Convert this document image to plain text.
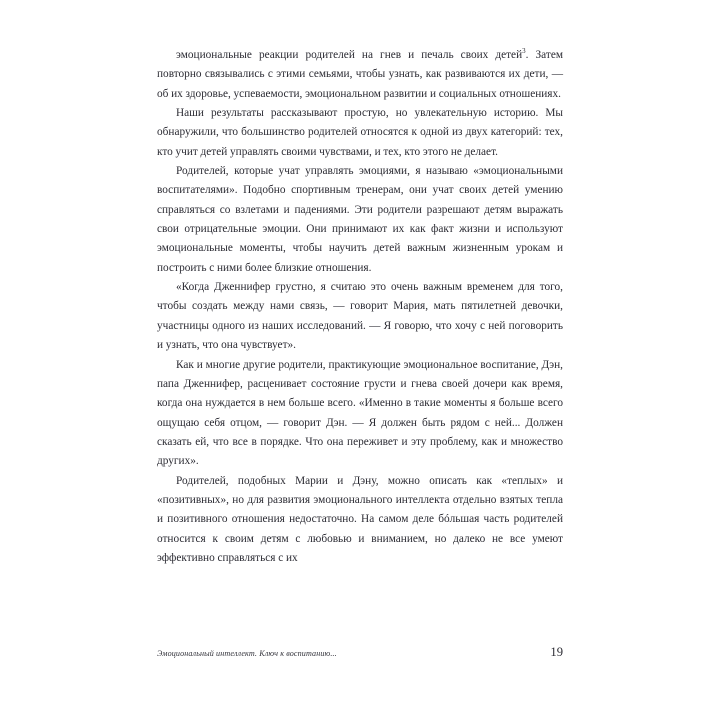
эмоциональные реакции родителей на гнев и печаль своих детей$^3$. Затем повторно связывались с этими семьями, чтобы узнать, как развиваются их дети, — об их здоровье, успеваемости, эмоциональном развитии и социальных отношениях.

Наши результаты рассказывают простую, но увлекательную историю. Мы обнаружили, что большинство родителей относятся к одной из двух категорий: тех, кто учит детей управлять своими чувствами, и тех, кто этого не делает.

Родителей, которые учат управлять эмоциями, я называю «эмоциональными воспитателями». Подобно спортивным тренерам, они учат своих детей умению справляться со взлетами и падениями. Эти родители разрешают детям выражать свои отрицательные эмоции. Они принимают их как факт жизни и используют эмоциональные моменты, чтобы научить детей важным жизненным урокам и построить с ними более близкие отношения.

«Когда Дженнифер грустно, я считаю это очень важным временем для того, чтобы создать между нами связь, — говорит Мария, мать пятилетней девочки, участницы одного из наших исследований. — Я говорю, что хочу с ней поговорить и узнать, что она чувствует».

Как и многие другие родители, практикующие эмоциональное воспитание, Дэн, папа Дженнифер, расценивает состояние грусти и гнева своей дочери как время, когда она нуждается в нем больше всего. «Именно в такие моменты я больше всего ощущаю себя отцом, — говорит Дэн. — Я должен быть рядом с ней... Должен сказать ей, что все в порядке. Что она переживет и эту проблему, как и множество других».

Родителей, подобных Марии и Дэну, можно описать как «теплых» и «позитивных», но для развития эмоционального интеллекта отдельно взятых тепла и позитивного отношения недостаточно. На самом деле бóльшая часть родителей относится к своим детям с любовью и вниманием, но далеко не все умеют эффективно справляться с их

Эмоциональный интеллект. Ключ к воспитанию...	19
